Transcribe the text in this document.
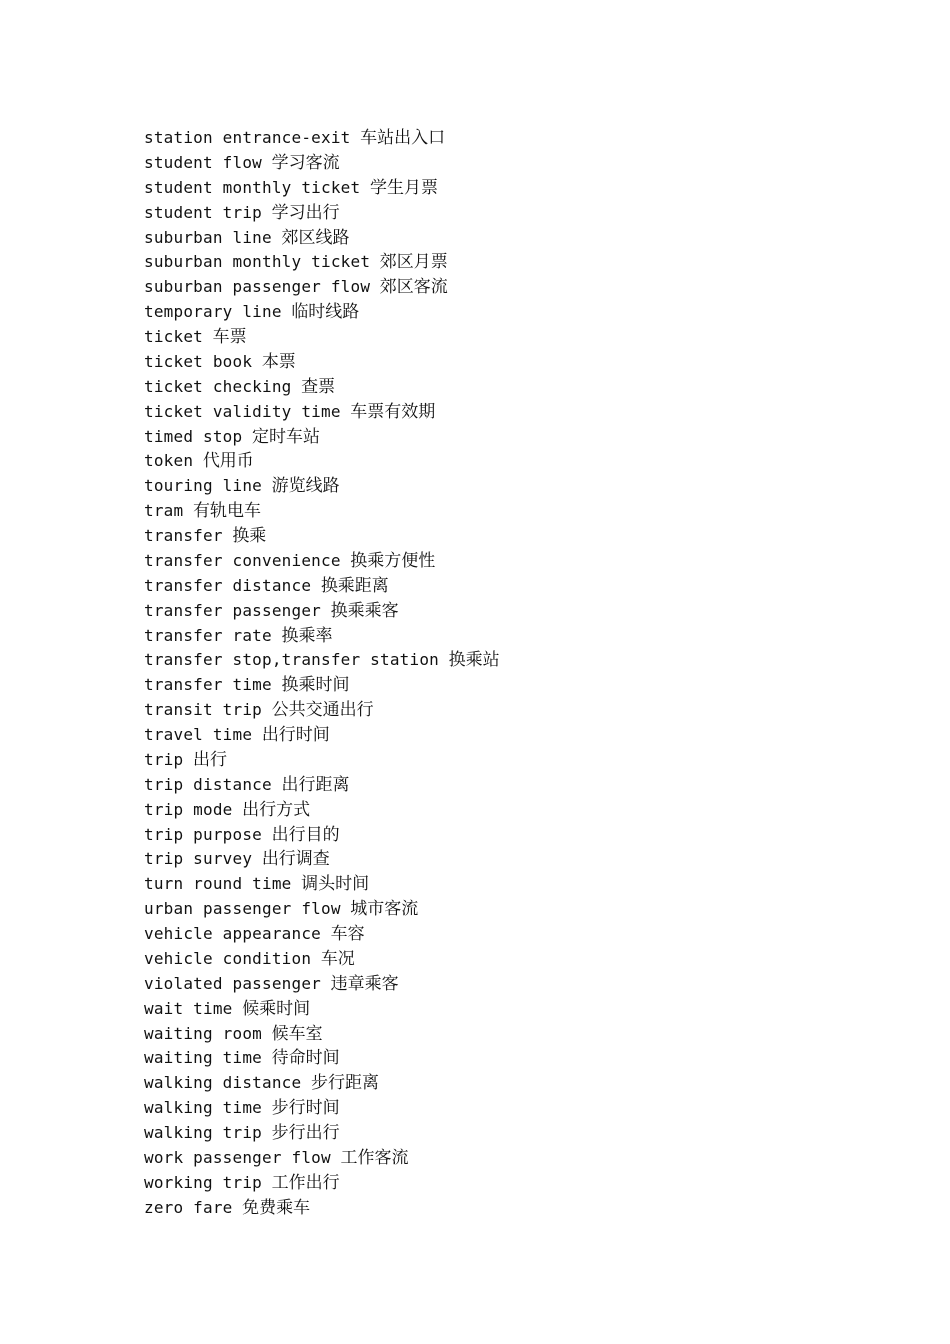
station entrance-exit 车站出入口
student flow 学习客流
student monthly ticket 学生月票
student trip 学习出行
suburban line 郊区线路
suburban monthly ticket 郊区月票
suburban passenger flow 郊区客流
temporary line 临时线路
ticket 车票
ticket book 本票
ticket checking 查票
ticket validity time 车票有效期
timed stop 定时车站
token 代用币
touring line 游览线路
tram 有轨电车
transfer 换乘
transfer convenience 换乘方便性
transfer distance 换乘距离
transfer passenger 换乘乘客
transfer rate 换乘率
transfer stop,transfer station 换乘站
transfer time 换乘时间
transit trip 公共交通出行
travel time 出行时间
trip 出行
trip distance 出行距离
trip mode 出行方式
trip purpose 出行目的
trip survey 出行调查
turn round time 调头时间
urban passenger flow 城市客流
vehicle appearance 车容
vehicle condition 车况
violated passenger 违章乘客
wait time 候乘时间
waiting room 候车室
waiting time 待命时间
walking distance 步行距离
walking time 步行时间
walking trip 步行出行
work passenger flow 工作客流
working trip 工作出行
zero fare 免费乘车
